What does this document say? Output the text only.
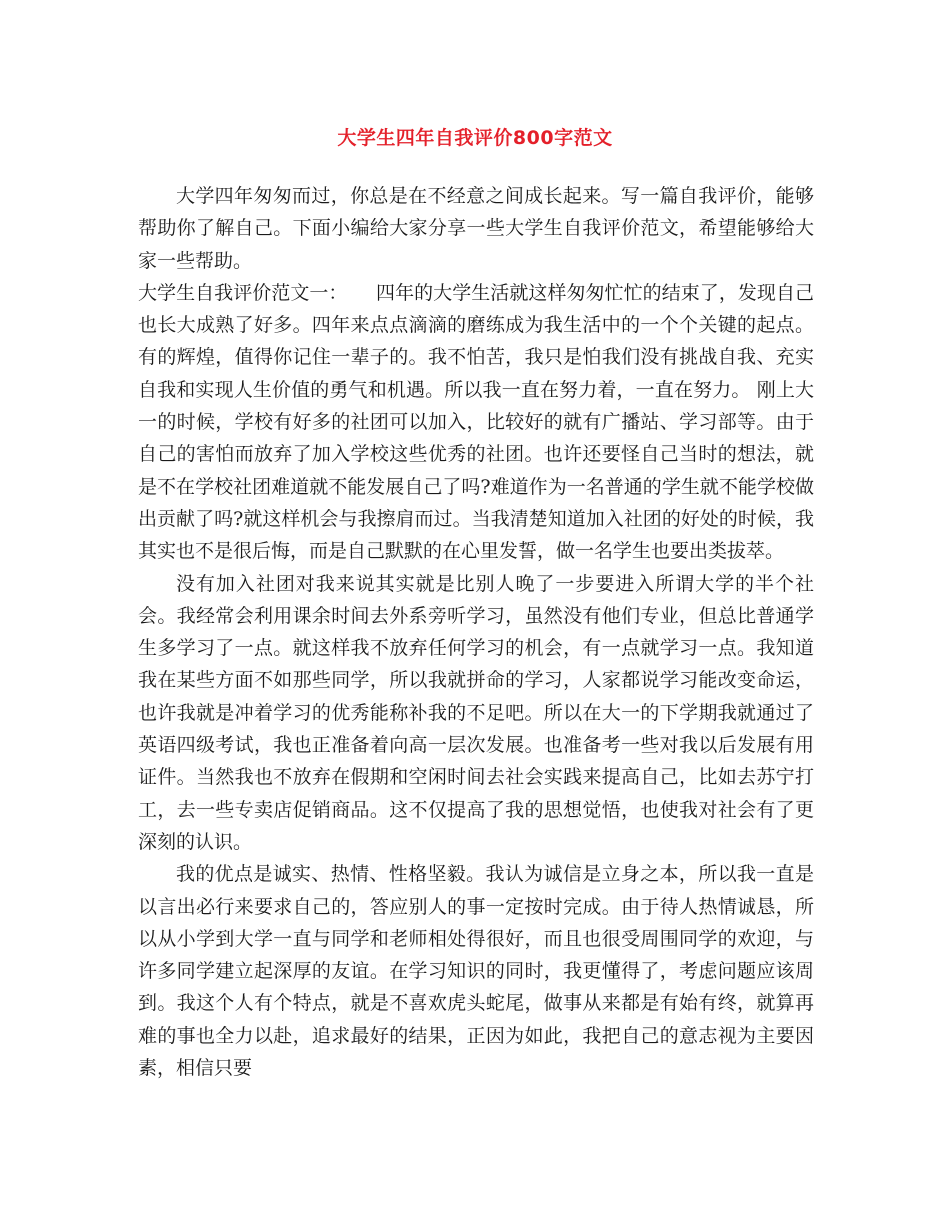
大学生四年自我评价800字范文

大学四年匆匆而过，你总是在不经意之间成长起来。写一篇自我评价，能够帮助你了解自己。下面小编给大家分享一些大学生自我评价范文，希望能够给大家一些帮助。

大学生自我评价范文一：　　四年的大学生活就这样匆匆忙忙的结束了，发现自己也长大成熟了好多。四年来点点滴滴的磨练成为我生活中的一个个关键的起点。有的辉煌，值得你记住一辈子的。我不怕苦，我只是怕我们没有挑战自我、充实自我和实现人生价值的勇气和机遇。所以我一直在努力着，一直在努力。 刚上大一的时候，学校有好多的社团可以加入，比较好的就有广播站、学习部等。由于自己的害怕而放弃了加入学校这些优秀的社团。也许还要怪自己当时的想法，就是不在学校社团难道就不能发展自己了吗?难道作为一名普通的学生就不能学校做出贡献了吗?就这样机会与我擦肩而过。当我清楚知道加入社团的好处的时候，我其实也不是很后悔，而是自己默默的在心里发誓，做一名学生也要出类拔萃。

没有加入社团对我来说其实就是比别人晚了一步要进入所谓大学的半个社会。我经常会利用课余时间去外系旁听学习，虽然没有他们专业，但总比普通学生多学习了一点。就这样我不放弃任何学习的机会，有一点就学习一点。我知道我在某些方面不如那些同学，所以我就拼命的学习，人家都说学习能改变命运，也许我就是冲着学习的优秀能称补我的不足吧。所以在大一的下学期我就通过了英语四级考试，我也正准备着向高一层次发展。也准备考一些对我以后发展有用证件。当然我也不放弃在假期和空闲时间去社会实践来提高自己，比如去苏宁打工，去一些专卖店促销商品。这不仅提高了我的思想觉悟，也使我对社会有了更深刻的认识。

我的优点是诚实、热情、性格坚毅。我认为诚信是立身之本，所以我一直是以言出必行来要求自己的，答应别人的事一定按时完成。由于待人热情诚恳，所以从小学到大学一直与同学和老师相处得很好，而且也很受周围同学的欢迎，与许多同学建立起深厚的友谊。在学习知识的同时，我更懂得了，考虑问题应该周到。我这个人有个特点，就是不喜欢虎头蛇尾，做事从来都是有始有终，就算再难的事也全力以赴，追求最好的结果，正因为如此，我把自己的意志视为主要因素，相信只要
